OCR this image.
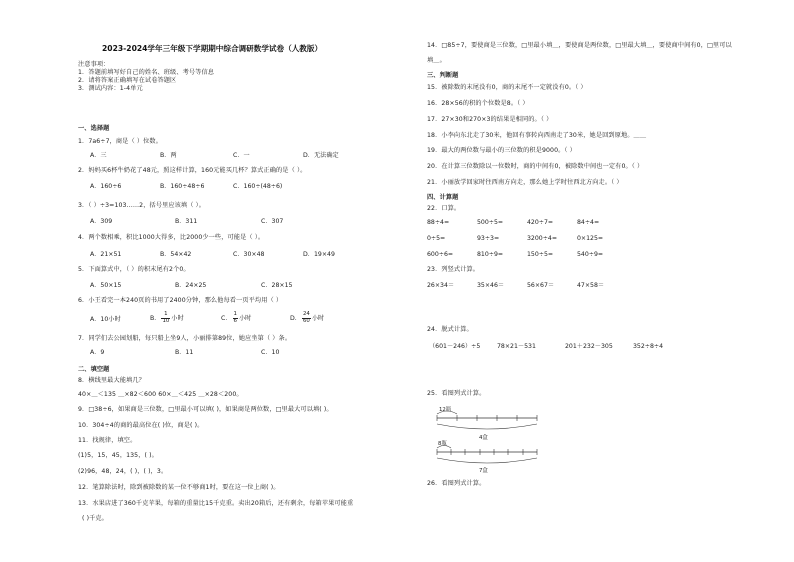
2023-2024学年三年级下学期期中综合调研数学试卷（人教版）
注意事项：
1．答题前填写好自己的姓名、班级、考号等信息
2．请将答案正确填写在试卷答题区
3．测试内容：1-4单元
一、选择题
1．7a6÷7，商是（ ）位数。
A．三	B．两	C．一	D．无法确定
2．妈妈买6杯牛奶花了48元，照这样计算，160元能买几杯？算式正确的是（ ）。
A．160÷6	B．160÷48÷6	C．160÷(48÷6)
3．（ ）÷3=103……2，括号里应该填（ ）。
A．309	B．311	C．307
4．两个数相乘，积比1000大得多，比2000少一些，可能是（ ）。
A．21×51	B．54×42	C．30×48	D．19×49
5．下面算式中，（ ）的积末尾有2个0。
A．50×15	B．24×25	C．28×15
6．小王看完一本240页的书用了2400分钟，那么他每看一页平均用（ ）
A．10小时	B． $\frac{1}{10}$ 小时	C． $\frac{1}{6}$ 小时	D． $\frac{24}{60}$ 小时
7．同学们去公园划船，每只船上坐9人，小丽排第89位，她应坐第（ ）条。
A．9	B．11	C．10
二、填空题
8．横线里最大能填几？
40×＿＜135 ＿×82＜600 60×＿＜425 ＿×28＜200。
9．□38÷6，如果商是三位数，□里最小可以填( )，如果商是两位数，□里最大可以填( )。
10．304÷4的商的最高位在( )位，商是( )。
11．找规律，填空。
(1)5，15，45，135，( )。
(2)96，48，24，( )，( )，3。
12．笔算除法时，除到被除数的某一位不够商1时，要在这一位上商( )。
13．水果店进了360千克苹果，每箱的重量比15千克重。卖出20箱后，还有剩余，每箱苹果可能重
( )千克。
14．□85÷7，要使商是三位数，□里最小填＿，要使商是两位数，□里最大填＿，要使商中间有0，□里可以
填＿。
三、判断题
15．被除数的末尾没有0，商的末尾不一定就没有0。（ ）
16．28×56的积的个位数是8。（ ）
17．27×30和270×3的结果是相同的。（ ）
18．小李向东北走了30米，他回有事转向西南走了30米，她是回到原地。＿＿
19．最大的两位数与最小的三位数的积是9000。（ ）
20．在计算三位数除以一位数时，商的中间有0，被除数中间也一定有0。（ ）
21．小丽放学回家时往西南方向走，那么她上学时往西北方向走。（ ）
四、计算题
22．口算。
88÷4=	500÷5=	420÷7=	84÷4=
0÷5=	93÷3=	3200÷4=	0×125=
600÷6=	810÷9=	150÷5=	540÷9=
23．列竖式计算。
26×34＝	35×46＝	56×67＝	47×58＝
24．脱式计算。
（601－246）÷5	78×21－531	201＋232－305	352÷8÷4
25．看图列式计算。
12瓶
4盒
8瓶
7盒
26．看图列式计算。
